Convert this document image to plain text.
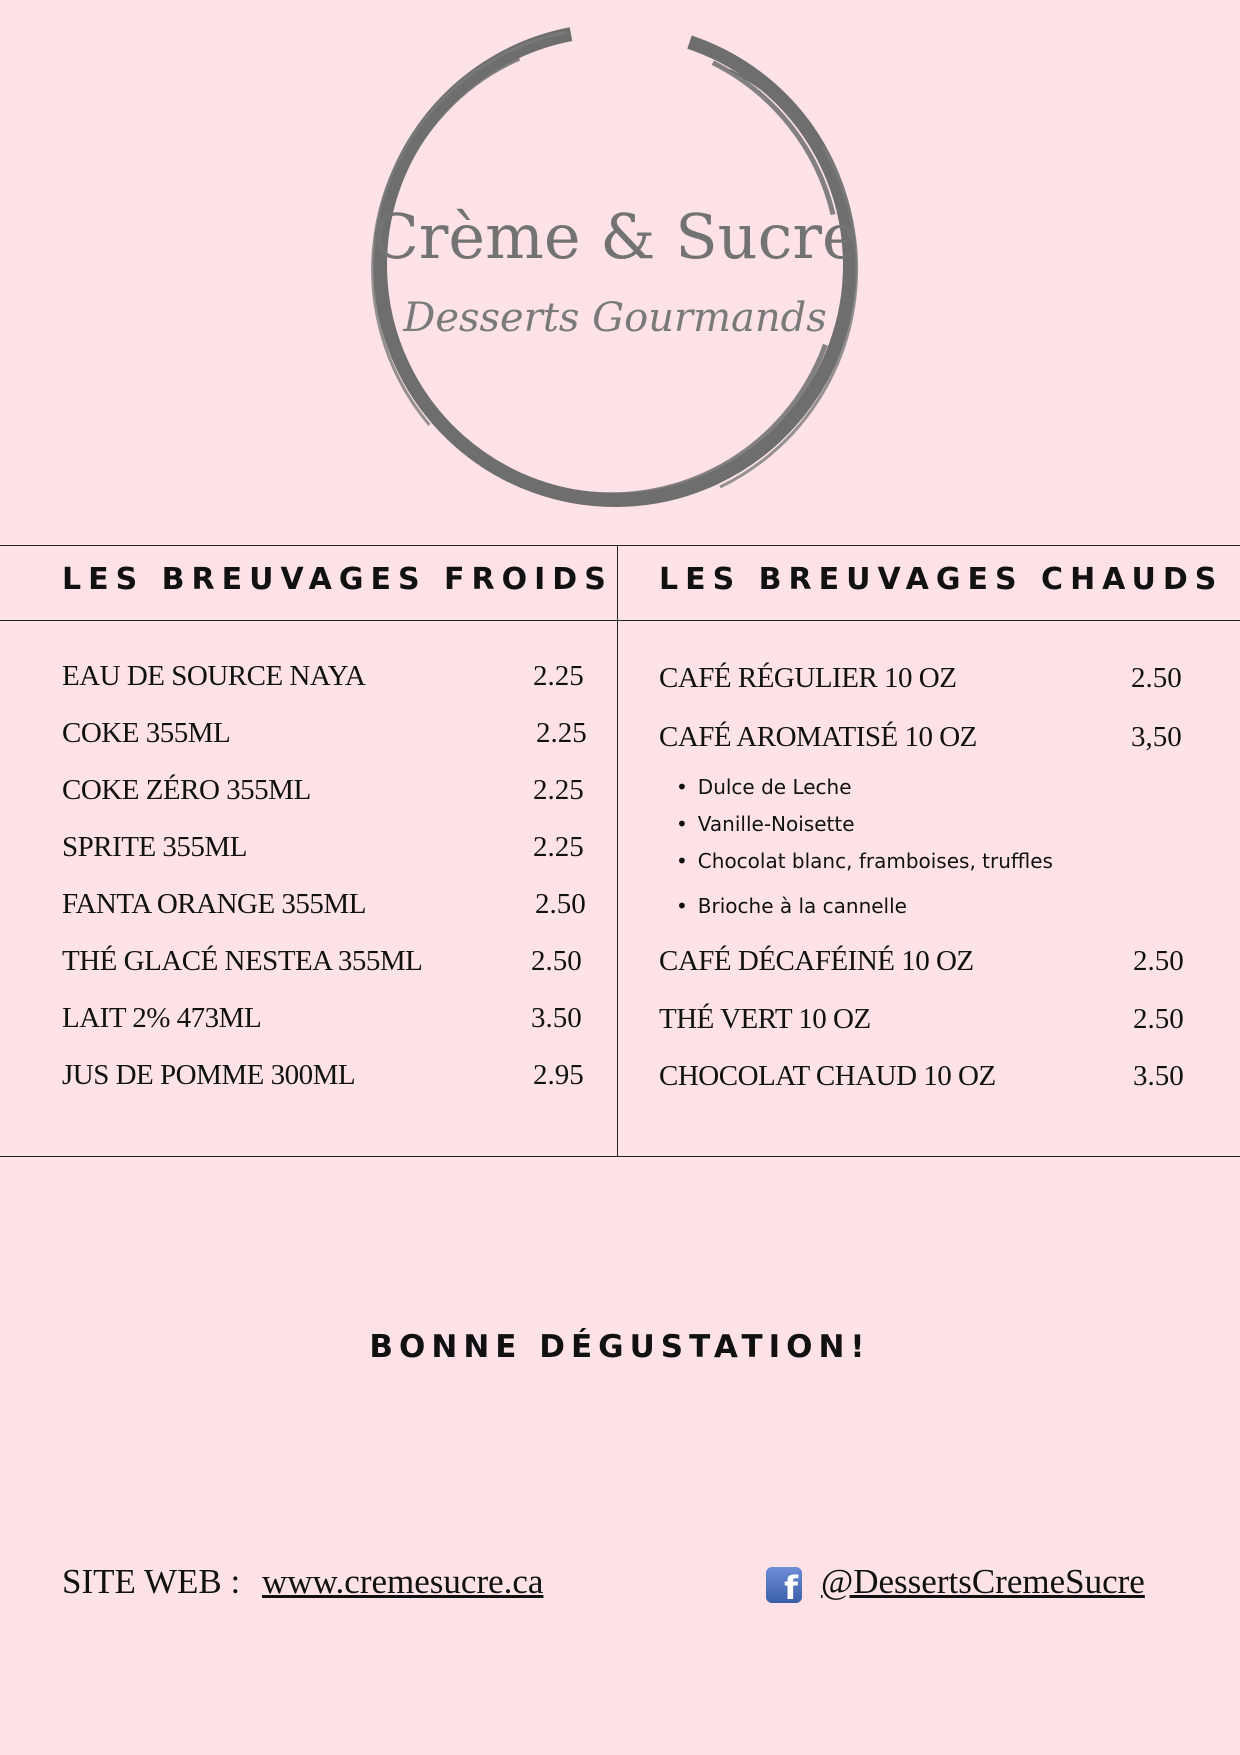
Crème & Sucre
Desserts Gourmands
LES BREUVAGES FROIDS LES BREUVAGES CHAUDS
EAU DE SOURCE NAYA	2.25
COKE 355ML	2.25
COKE ZÉRO 355ML	2.25
SPRITE 355ML	2.25
FANTA ORANGE 355ML	2.50
THÉ GLACÉ NESTEA 355ML	2.50
LAIT 2% 473ML	3.50
JUS DE POMME 300ML	2.95
CAFÉ RÉGULIER 10 OZ	2.50
CAFÉ AROMATISÉ 10 OZ	3,50
• Dulce de Leche
• Vanille-Noisette
• Chocolat blanc, framboises, truffles
• Brioche à la cannelle
CAFÉ DÉCAFÉINÉ 10 OZ	2.50
THÉ VERT 10 OZ	2.50
CHOCOLAT CHAUD 10 OZ	3.50
BONNE DÉGUSTATION!
SITE WEB : www.cremesucre.ca	f @DessertsCremeSucre
